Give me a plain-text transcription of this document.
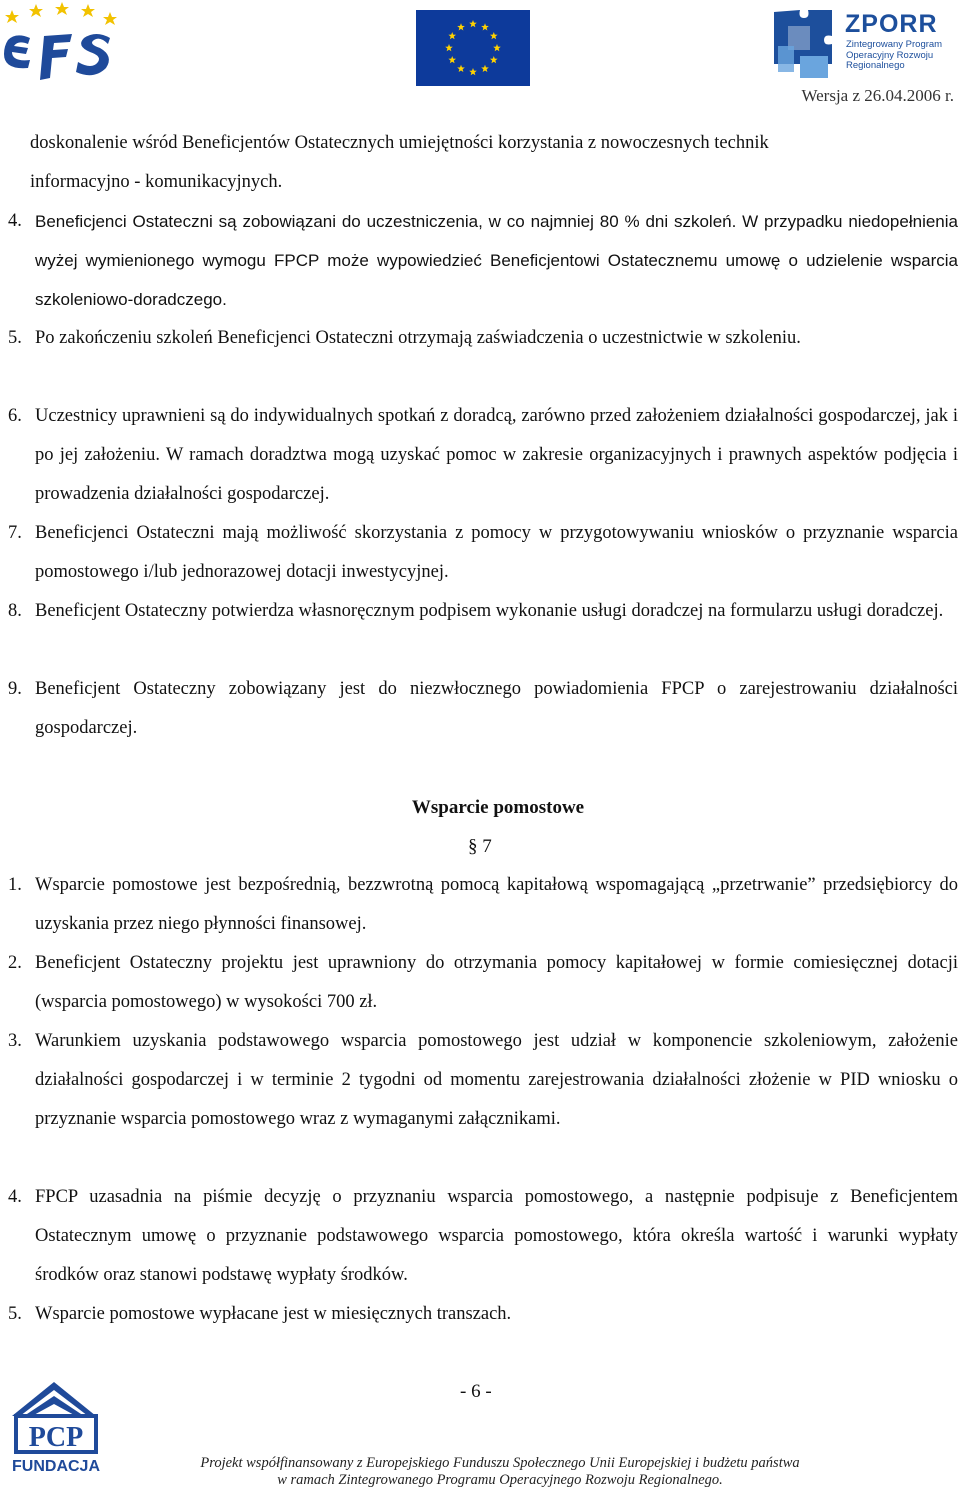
ZPORR
Zintegrowany Program Operacyjny Rozwoju Regionalnego
Wersja z 26.04.2006 r.
doskonalenie wśród Beneficjentów Ostatecznych umiejętności korzystania z nowoczesnych technik
informacyjno - komunikacyjnych.
4. Beneficjenci Ostateczni są zobowiązani do uczestniczenia, w co najmniej 80 % dni szkoleń. W przypadku niedopełnienia wyżej wymienionego wymogu FPCP może wypowiedzieć Beneficjentowi Ostatecznemu umowę o udzielenie wsparcia szkoleniowo-doradczego.
5. Po zakończeniu szkoleń Beneficjenci Ostateczni otrzymają zaświadczenia o uczestnictwie w szkoleniu.
6. Uczestnicy uprawnieni są do indywidualnych spotkań z doradcą, zarówno przed założeniem działalności gospodarczej, jak i po jej założeniu. W ramach doradztwa mogą uzyskać pomoc w zakresie organizacyjnych i prawnych aspektów podjęcia i prowadzenia działalności gospodarczej.
7. Beneficjenci Ostateczni mają możliwość skorzystania z pomocy w przygotowywaniu wniosków o przyznanie wsparcia pomostowego i/lub jednorazowej dotacji inwestycyjnej.
8. Beneficjent Ostateczny potwierdza własnoręcznym podpisem wykonanie usługi doradczej na formularzu usługi doradczej.
9. Beneficjent Ostateczny zobowiązany jest do niezwłocznego powiadomienia FPCP o zarejestrowaniu działalności gospodarczej.
Wsparcie pomostowe
§ 7
1. Wsparcie pomostowe jest bezpośrednią, bezzwrotną pomocą kapitałową wspomagającą „przetrwanie” przedsiębiorcy do uzyskania przez niego płynności finansowej.
2. Beneficjent Ostateczny projektu jest uprawniony do otrzymania pomocy kapitałowej w formie comiesięcznej dotacji (wsparcia pomostowego) w wysokości 700 zł.
3. Warunkiem uzyskania podstawowego wsparcia pomostowego jest udział w komponencie szkoleniowym, założenie działalności gospodarczej i w terminie 2 tygodni od momentu zarejestrowania działalności złożenie w PID wniosku o przyznanie wsparcia pomostowego wraz z wymaganymi załącznikami.
4. FPCP uzasadnia na piśmie decyzję o przyznaniu wsparcia pomostowego, a następnie podpisuje z Beneficjentem Ostatecznym umowę o przyznanie podstawowego wsparcia pomostowego, która określa wartość i warunki wypłaty środków oraz stanowi podstawę wypłaty środków.
5. Wsparcie pomostowe wypłacane jest w miesięcznych transzach.
PCP
FUNDACJA
- 6 -
Projekt współfinansowany z Europejskiego Funduszu Społecznego Unii Europejskiej i budżetu państwa
w ramach Zintegrowanego Programu Operacyjnego Rozwoju Regionalnego.
